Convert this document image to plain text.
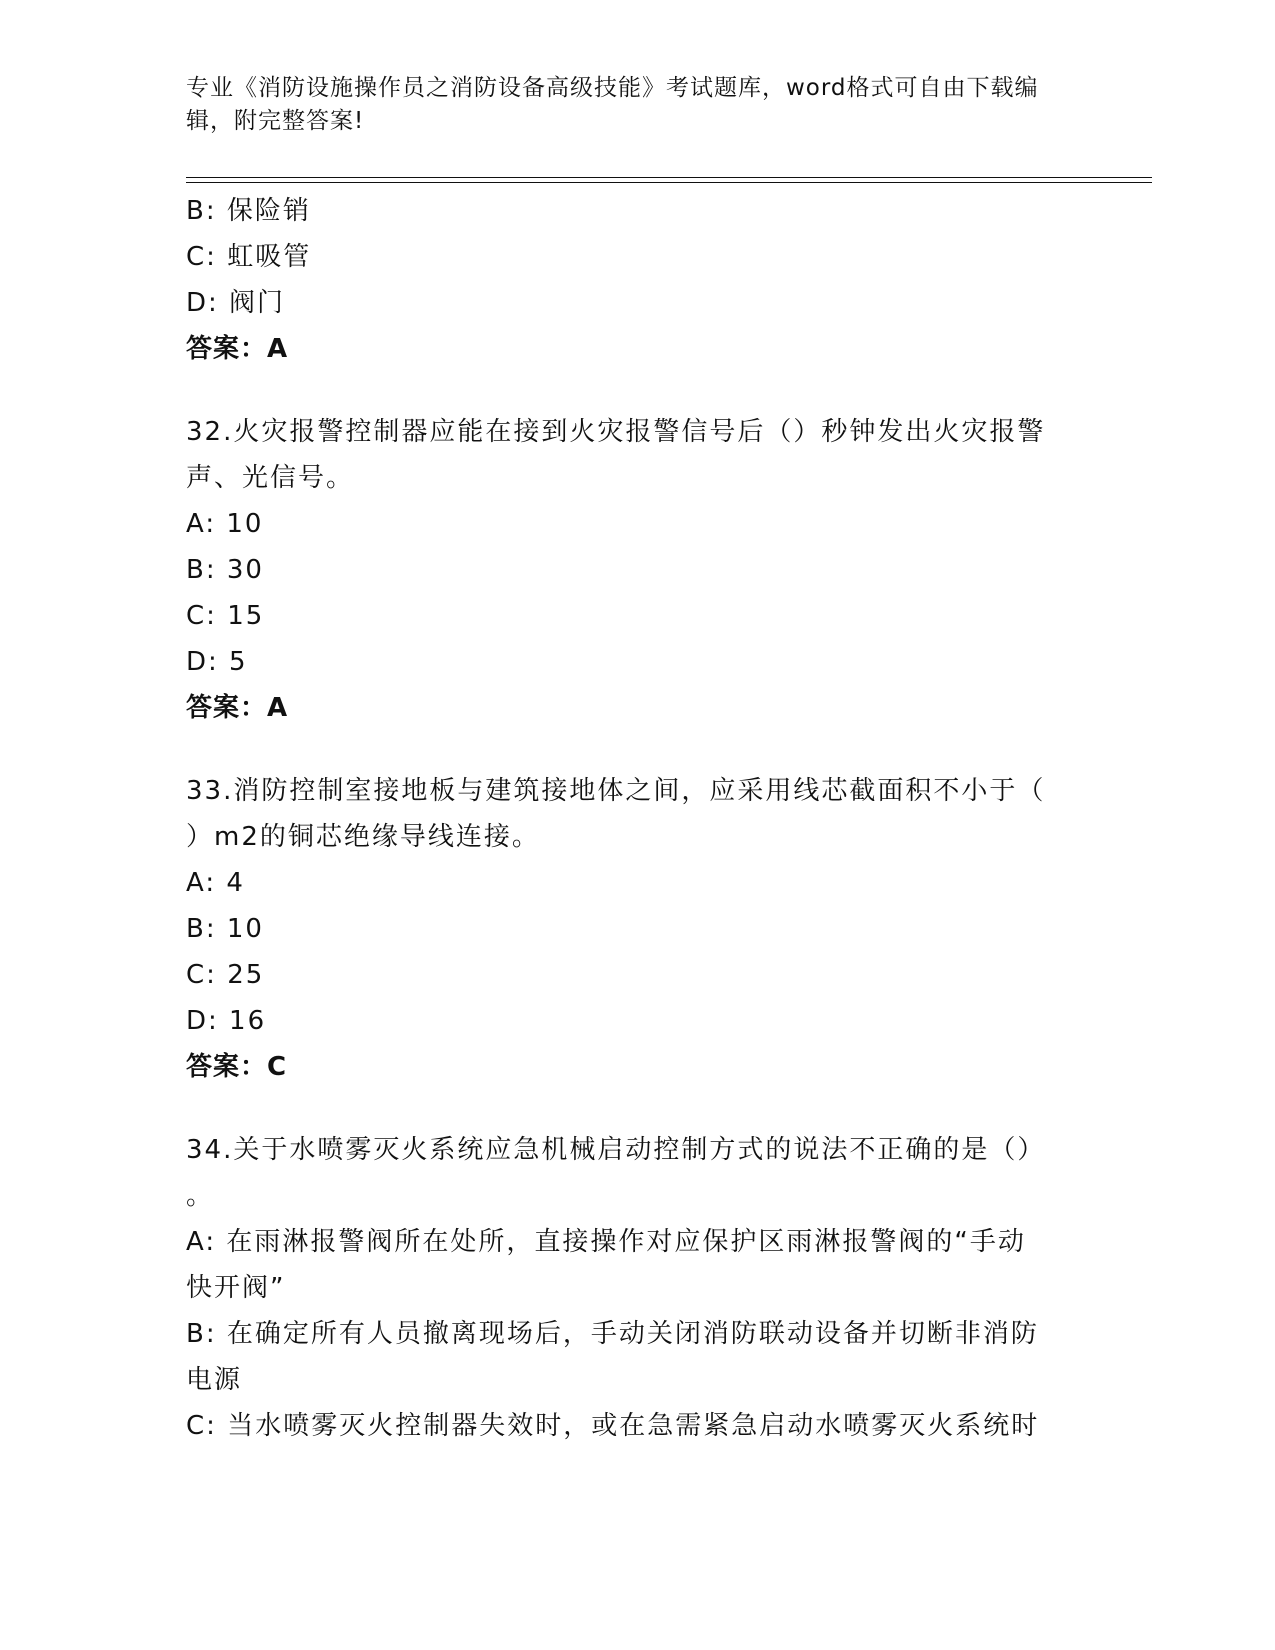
专业《消防设施操作员之消防设备高级技能》考试题库，word格式可自由下载编
辑，附完整答案!
B: 保险销
C: 虹吸管
D: 阀门
答案：A
32.火灾报警控制器应能在接到火灾报警信号后（）秒钟发出火灾报警
声、光信号。
A: 10
B: 30
C: 15
D: 5
答案：A
33.消防控制室接地板与建筑接地体之间，应采用线芯截面积不小于（
）m2的铜芯绝缘导线连接。
A: 4
B: 10
C: 25
D: 16
答案：C
34.关于水喷雾灭火系统应急机械启动控制方式的说法不正确的是（）
。
A: 在雨淋报警阀所在处所，直接操作对应保护区雨淋报警阀的“手动
快开阀”
B: 在确定所有人员撤离现场后，手动关闭消防联动设备并切断非消防
电源
C: 当水喷雾灭火控制器失效时，或在急需紧急启动水喷雾灭火系统时
